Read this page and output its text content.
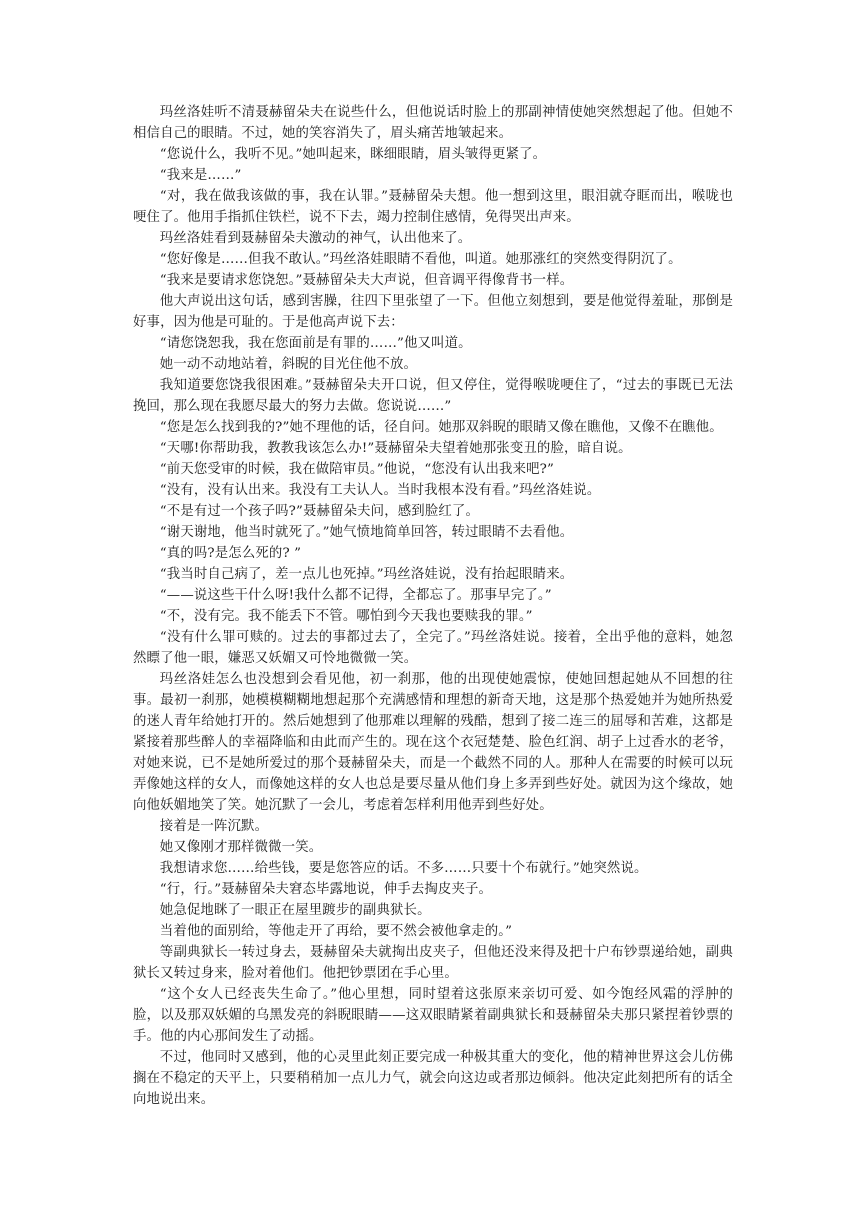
玛丝洛娃听不清聂赫留朵夫在说些什么，但他说话时脸上的那副神情使她突然想起了他。但她不相信自己的眼睛。不过，她的笑容消失了，眉头痛苦地皱起来。

“您说什么，我听不见。”她叫起来，眯细眼睛，眉头皱得更紧了。

“我来是……”

“对，我在做我该做的事，我在认罪。”聂赫留朵夫想。他一想到这里，眼泪就夺眶而出，喉咙也哽住了。他用手指抓住铁栏，说不下去，竭力控制住感情，免得哭出声来。

玛丝洛娃看到聂赫留朵夫激动的神气，认出他来了。

“您好像是……但我不敢认。”玛丝洛娃眼睛不看他，叫道。她那涨红的突然变得阴沉了。

“我来是要请求您饶恕。”聂赫留朵夫大声说，但音调平得像背书一样。

他大声说出这句话，感到害臊，往四下里张望了一下。但他立刻想到，要是他觉得羞耻，那倒是好事，因为他是可耻的。于是他高声说下去：

“请您饶恕我，我在您面前是有罪的……”他又叫道。

她一动不动地站着，斜睨的目光住他不放。

我知道要您饶我很困难。”聂赫留朵夫开口说，但又停住，觉得喉咙哽住了，“过去的事既已无法挽回，那么现在我愿尽最大的努力去做。您说说……”

“您是怎么找到我的?”她不理他的话，径自问。她那双斜睨的眼睛又像在瞧他，又像不在瞧他。

“天哪!你帮助我，教教我该怎么办!”聂赫留朵夫望着她那张变丑的脸，暗自说。

“前天您受审的时候，我在做陪审员。”他说，“您没有认出我来吧?”

“没有，没有认出来。我没有工夫认人。当时我根本没有看。”玛丝洛娃说。

“不是有过一个孩子吗?”聂赫留朵夫问，感到脸红了。

“谢天谢地，他当时就死了。”她气愤地简单回答，转过眼睛不去看他。

“真的吗?是怎么死的? ”

“我当时自己病了，差一点儿也死掉。”玛丝洛娃说，没有抬起眼睛来。

“——说这些干什么呀!我什么都不记得，全都忘了。那事早完了。”

“不，没有完。我不能丢下不管。哪怕到今天我也要赎我的罪。”

“没有什么罪可赎的。过去的事都过去了，全完了。”玛丝洛娃说。接着，全出乎他的意料，她忽然瞟了他一眼，嫌恶又妖媚又可怜地微微一笑。

玛丝洛娃怎么也没想到会看见他，初一刹那，他的出现使她震惊，使她回想起她从不回想的往事。最初一刹那，她模模糊糊地想起那个充满感情和理想的新奇天地，这是那个热爱她并为她所热爱的迷人青年给她打开的。然后她想到了他那难以理解的残酷，想到了接二连三的屈辱和苦难，这都是紧接着那些醉人的幸福降临和由此而产生的。现在这个衣冠楚楚、脸色红润、胡子上过香水的老爷，对她来说，已不是她所爱过的那个聂赫留朵夫，而是一个截然不同的人。那种人在需要的时候可以玩弄像她这样的女人，而像她这样的女人也总是要尽量从他们身上多弄到些好处。就因为这个缘故，她向他妖媚地笑了笑。她沉默了一会儿，考虑着怎样利用他弄到些好处。

接着是一阵沉默。

她又像刚才那样微微一笑。

我想请求您……给些钱，要是您答应的话。不多……只要十个布就行。”她突然说。

“行，行。”聂赫留朵夫窘态毕露地说，伸手去掏皮夹子。

她急促地眯了一眼正在屋里踱步的副典狱长。

当着他的面别给，等他走开了再给，要不然会被他拿走的。”

等副典狱长一转过身去，聂赫留朵夫就掏出皮夹子，但他还没来得及把十户布钞票递给她，副典狱长又转过身来，脸对着他们。他把钞票团在手心里。

“这个女人已经丧失生命了。”他心里想，同时望着这张原来亲切可爱、如今饱经风霜的浮肿的脸，以及那双妖媚的乌黑发亮的斜睨眼睛——这双眼睛紧着副典狱长和聂赫留朵夫那只紧捏着钞票的手。他的内心那间发生了动摇。

不过，他同时又感到，他的心灵里此刻正要完成一种极其重大的变化，他的精神世界这会儿仿佛搁在不稳定的天平上，只要稍稍加一点儿力气，就会向这边或者那边倾斜。他决定此刻把所有的话全向地说出来。
